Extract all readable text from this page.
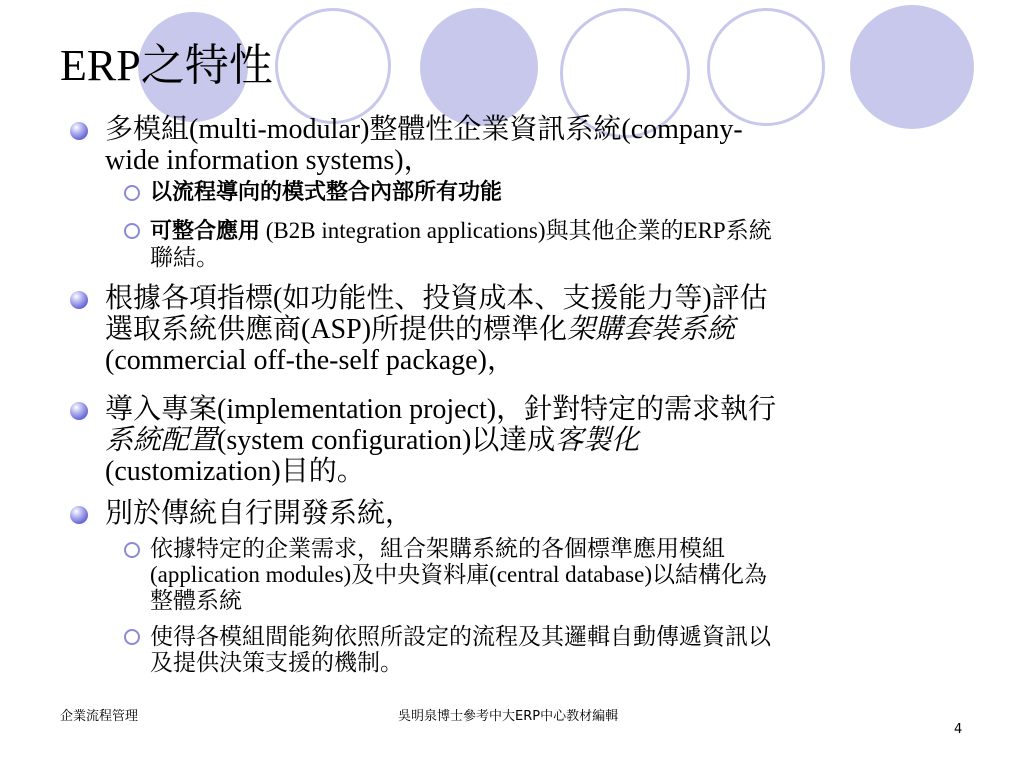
ERP之特性
多模組(multi-modular)整體性企業資訊系統(company-
wide information systems)，
以流程導向的模式整合內部所有功能
可整合應用 (B2B integration applications)與其他企業的ERP系統
聯結。
根據各項指標(如功能性、投資成本、支援能力等)評估
選取系統供應商(ASP)所提供的標準化架購套裝系統
(commercial off-the-self package)，
導入專案(implementation project)，針對特定的需求執行
系統配置(system configuration)以達成客製化
(customization)目的。
別於傳統自行開發系統，
依據特定的企業需求，組合架購系統的各個標準應用模組
(application modules)及中央資料庫(central database)以結構化為
整體系統
使得各模組間能夠依照所設定的流程及其邏輯自動傳遞資訊以
及提供決策支援的機制。
企業流程管理	吳明泉博士參考中大ERP中心教材編輯
4
